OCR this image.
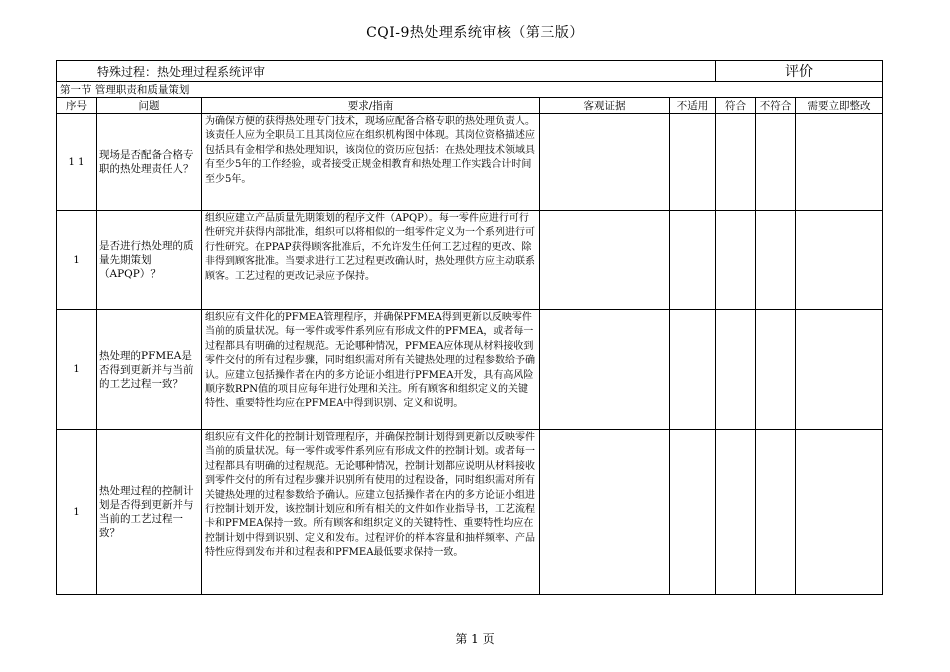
CQI-9热处理系统审核（第三版）
特殊过程：热处理过程系统评审					评价		
第一节 管理职责和质量策划							
序号	问题	要求/指南	客观证据	不适用	符合	不符合	需要立即整改
1 1	现场是否配备合格专职的热处理责任人？	为确保方便的获得热处理专门技术，现场应配备合格专职的热处理负责人。该责任人应为全职员工且其岗位应在组织机构图中体现。其岗位资格描述应包括具有金相学和热处理知识，该岗位的资历应包括：在热处理技术领域具有至少5年的工作经验，或者接受正规金相教育和热处理工作实践合计时间至少5年。					
1	是否进行热处理的质量先期策划（APQP）？	组织应建立产品质量先期策划的程序文件（APQP）。每一零件应进行可行性研究并获得内部批准，组织可以将相似的一组零件定义为一个系列进行可行性研究。在PPAP获得顾客批准后，不允许发生任何工艺过程的更改、除非得到顾客批准。当要求进行工艺过程更改确认时，热处理供方应主动联系顾客。工艺过程的更改记录应予保持。					
1	热处理的PFMEA是否得到更新并与当前的工艺过程一致？	组织应有文件化的PFMEA管理程序，并确保PFMEA得到更新以反映零件当前的质量状况。每一零件或零件系列应有形成文件的PFMEA，或者每一过程都具有明确的过程规范。无论哪种情况，PFMEA应体现从材料接收到零件交付的所有过程步骤，同时组织需对所有关键热处理的过程参数给予确认。应建立包括操作者在内的多方论证小组进行PFMEA开发，具有高风险顺序数RPN值的项目应每年进行处理和关注。所有顾客和组织定义的关键特性、重要特性均应在PFMEA中得到识别、定义和说明。					
1	热处理过程的控制计划是否得到更新并与当前的工艺过程一致？	组织应有文件化的控制计划管理程序，并确保控制计划得到更新以反映零件当前的质量状况。每一零件或零件系列应有形成文件的控制计划。或者每一过程都具有明确的过程规范。无论哪种情况，控制计划都应说明从材料接收到零件交付的所有过程步骤并识别所有使用的过程设备，同时组织需对所有关键热处理的过程参数给予确认。应建立包括操作者在内的多方论证小组进行控制计划开发，该控制计划应和所有相关的文件如作业指导书，工艺流程卡和PFMEA保持一致。所有顾客和组织定义的关键特性、重要特性均应在控制计划中得到识别、定义和发布。过程评价的样本容量和抽样频率、产品特性应得到发布并和过程表和PFMEA最低要求保持一致。					
第 1 页
